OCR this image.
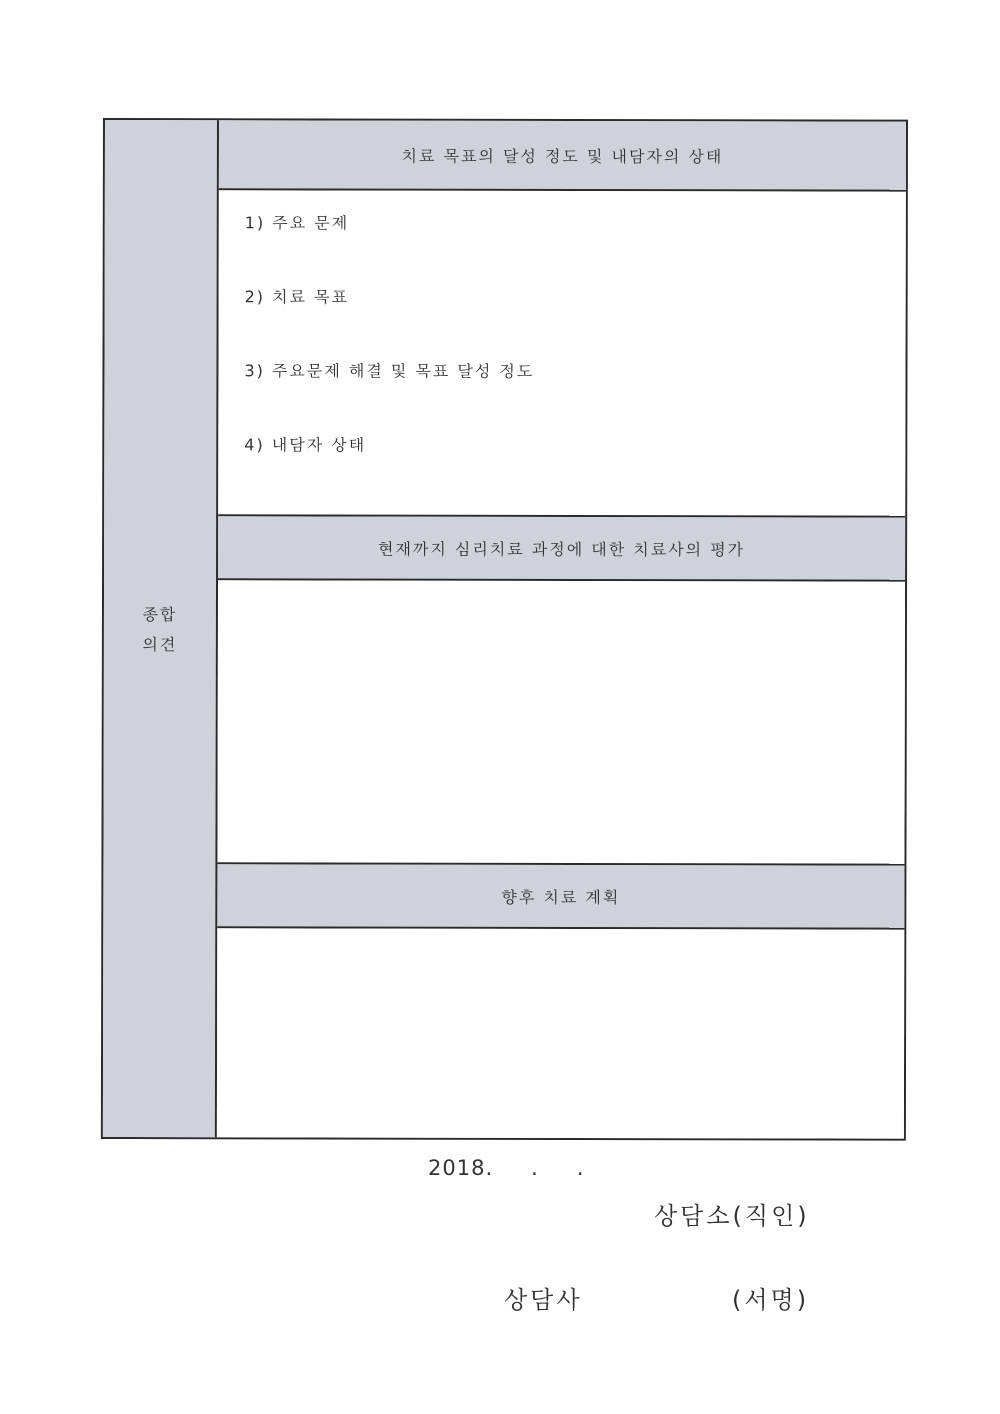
종합
의견
치료 목표의 달성 정도 및 내담자의 상태
1) 주요 문제
2) 치료 목표
3) 주요문제 해결 및 목표 달성 정도
4) 내담자 상태
현재까지 심리치료 과정에 대한 치료사의 평가
향후 치료 계획
2018. . .
상담소(직인)
상담사	(서명)
